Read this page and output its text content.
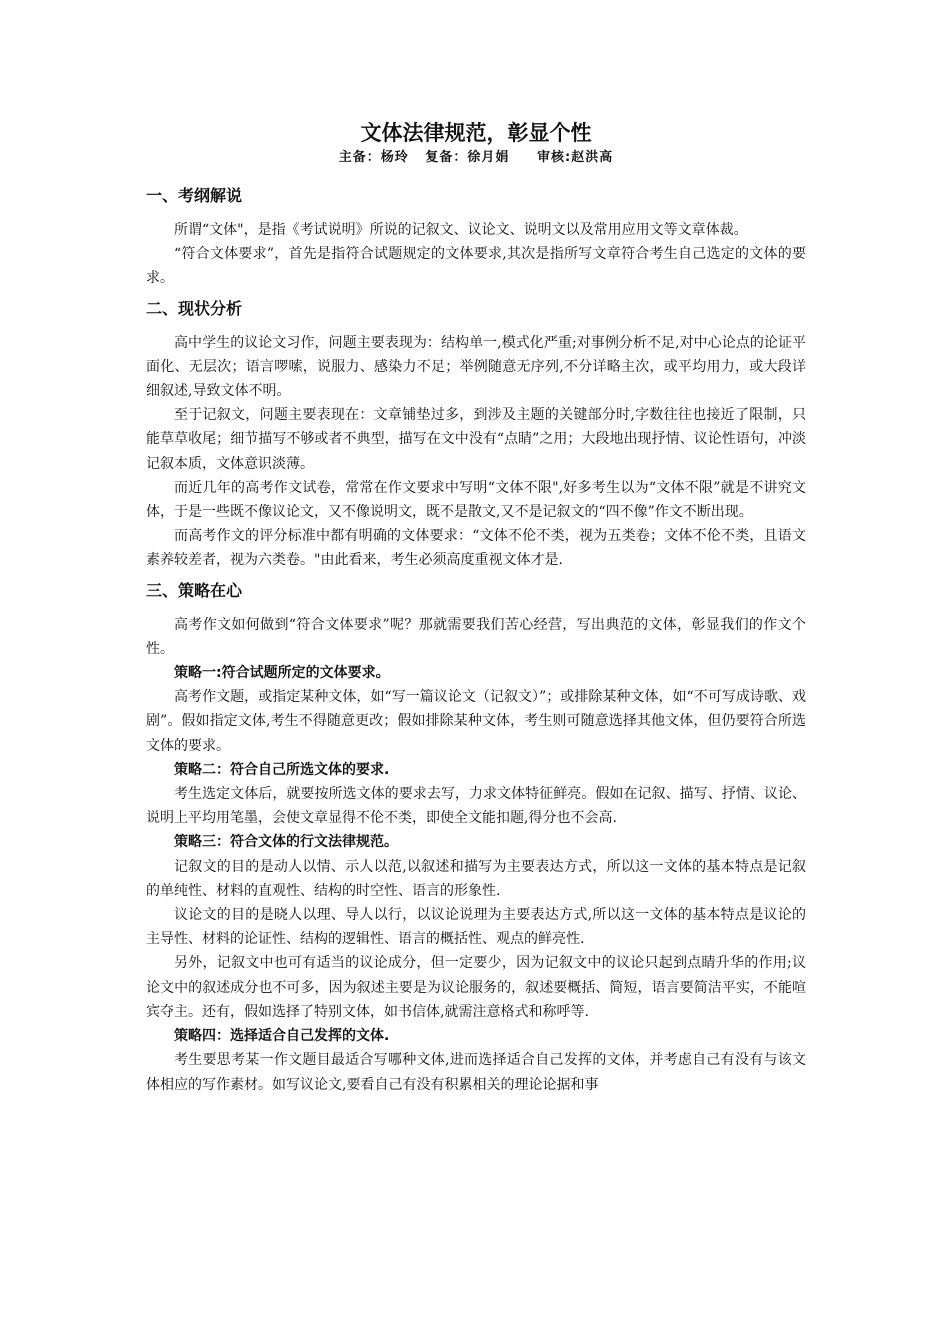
文体法律规范，彰显个性
主备：杨玲   复备：徐月娟     审核:赵洪高
一、考纲解说

所谓“文体"，是指《考试说明》所说的记叙文、议论文、说明文以及常用应用文等文章体裁。

“符合文体要求”，首先是指符合试题规定的文体要求,其次是指所写文章符合考生自己选定的文体的要求。

二、现状分析

高中学生的议论文习作，问题主要表现为：结构单一,模式化严重;对事例分析不足,对中心论点的论证平面化、无层次；语言啰嗦，说服力、感染力不足；举例随意无序列,不分详略主次，或平均用力，或大段详细叙述,导致文体不明。

至于记叙文，问题主要表现在：文章铺垫过多，到涉及主题的关键部分时,字数往往也接近了限制，只能草草收尾；细节描写不够或者不典型，描写在文中没有“点睛”之用；大段地出现抒情、议论性语句，冲淡记叙本质，文体意识淡薄。

而近几年的高考作文试卷，常常在作文要求中写明“文体不限",好多考生以为“文体不限”就是不讲究文体，于是一些既不像议论文，又不像说明文，既不是散文,又不是记叙文的“四不像”作文不断出现。

而高考作文的评分标准中都有明确的文体要求：“文体不伦不类，视为五类卷；文体不伦不类，且语文素养较差者，视为六类卷。"由此看来，考生必须高度重视文体才是.

三、策略在心

高考作文如何做到“符合文体要求”呢？那就需要我们苦心经营，写出典范的文体，彰显我们的作文个性。

策略一:符合试题所定的文体要求。

高考作文题，或指定某种文体，如“写一篇议论文（记叙文）”；或排除某种文体，如“不可写成诗歌、戏剧”。假如指定文体,考生不得随意更改；假如排除某种文体，考生则可随意选择其他文体，但仍要符合所选文体的要求。

策略二：符合自己所选文体的要求.

考生选定文体后，就要按所选文体的要求去写，力求文体特征鲜亮。假如在记叙、描写、抒情、议论、说明上平均用笔墨，会使文章显得不伦不类，即使全文能扣题,得分也不会高.

策略三：符合文体的行文法律规范。

记叙文的目的是动人以情、示人以范,以叙述和描写为主要表达方式，所以这一文体的基本特点是记叙的单纯性、材料的直观性、结构的时空性、语言的形象性.

议论文的目的是晓人以理、导人以行，以议论说理为主要表达方式,所以这一文体的基本特点是议论的主导性、材料的论证性、结构的逻辑性、语言的概括性、观点的鲜亮性.

另外，记叙文中也可有适当的议论成分，但一定要少，因为记叙文中的议论只起到点睛升华的作用;议论文中的叙述成分也不可多，因为叙述主要是为议论服务的，叙述要概括、简短，语言要简洁平实，不能喧宾夺主。还有，假如选择了特别文体，如书信体,就需注意格式和称呼等.

策略四：选择适合自己发挥的文体.

考生要思考某一作文题目最适合写哪种文体,进而选择适合自己发挥的文体，并考虑自己有没有与该文体相应的写作素材。如写议论文,要看自己有没有积累相关的理论论据和事
